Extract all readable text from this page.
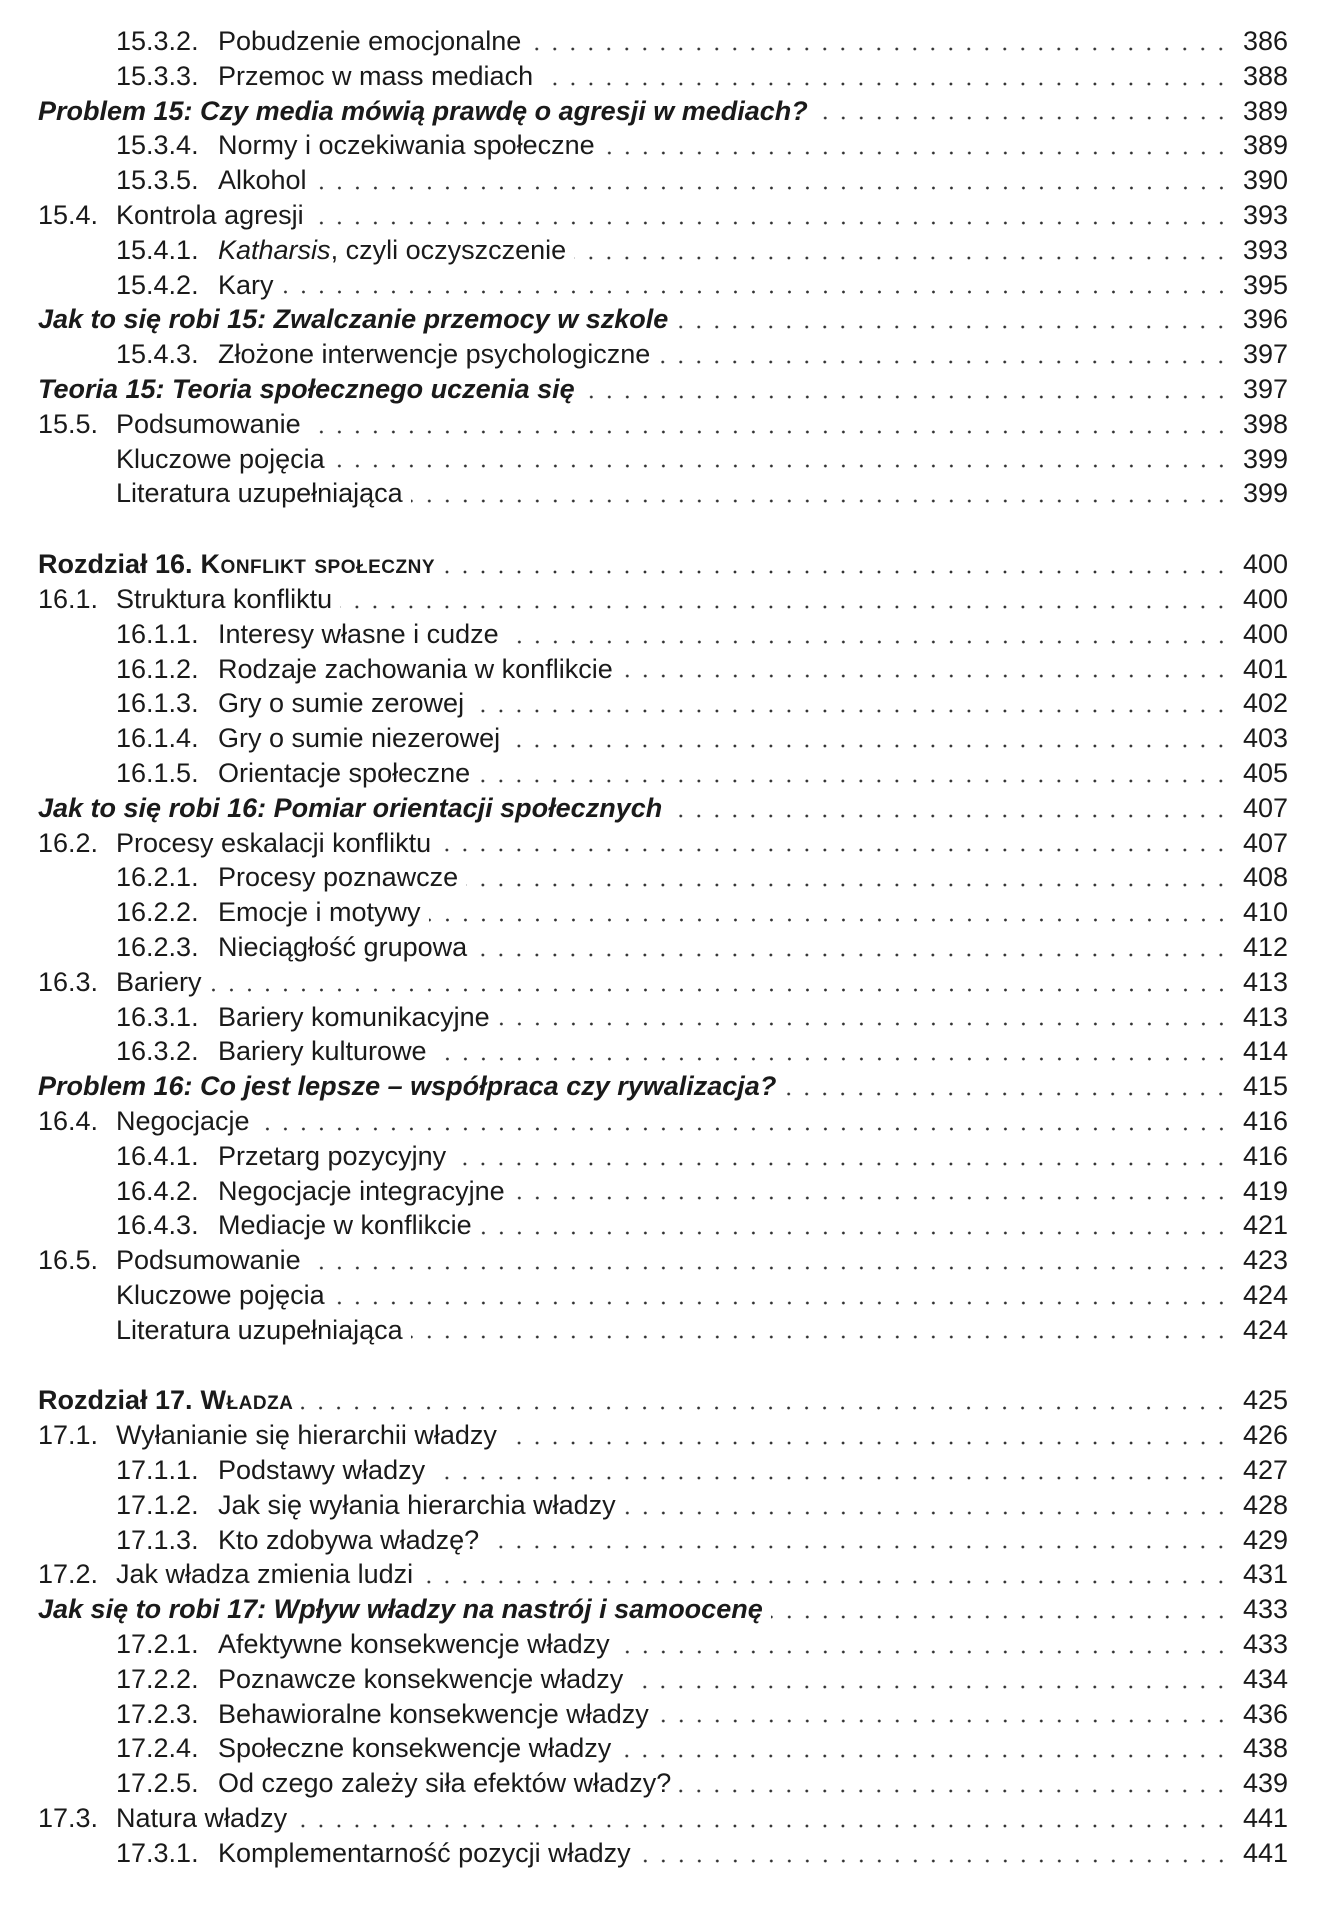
15.3.2. Pobudzenie emocjonalne	386
15.3.3. Przemoc w mass mediach	388
Problem 15: Czy media mówią prawdę o agresji w mediach?	389
15.3.4. Normy i oczekiwania społeczne	389
15.3.5. Alkohol	390
15.4. Kontrola agresji	393
15.4.1. Katharsis, czyli oczyszczenie	393
15.4.2. Kary	395
Jak to się robi 15: Zwalczanie przemocy w szkole	396
15.4.3. Złożone interwencje psychologiczne	397
Teoria 15: Teoria społecznego uczenia się	397
15.5. Podsumowanie	398
Kluczowe pojęcia	399
Literatura uzupełniająca	399
Rozdział 16. Konflikt społeczny	400
16.1. Struktura konfliktu	400
16.1.1. Interesy własne i cudze	400
16.1.2. Rodzaje zachowania w konflikcie	401
16.1.3. Gry o sumie zerowej	402
16.1.4. Gry o sumie niezerowej	403
16.1.5. Orientacje społeczne	405
Jak to się robi 16: Pomiar orientacji społecznych	407
16.2. Procesy eskalacji konfliktu	407
16.2.1. Procesy poznawcze	408
16.2.2. Emocje i motywy	410
16.2.3. Nieciągłość grupowa	412
16.3. Bariery	413
16.3.1. Bariery komunikacyjne	413
16.3.2. Bariery kulturowe	414
Problem 16: Co jest lepsze – współpraca czy rywalizacja?	415
16.4. Negocjacje	416
16.4.1. Przetarg pozycyjny	416
16.4.2. Negocjacje integracyjne	419
16.4.3. Mediacje w konflikcie	421
16.5. Podsumowanie	423
Kluczowe pojęcia	424
Literatura uzupełniająca	424
Rozdział 17. Władza	425
17.1. Wyłanianie się hierarchii władzy	426
17.1.1. Podstawy władzy	427
17.1.2. Jak się wyłania hierarchia władzy	428
17.1.3. Kto zdobywa władzę?	429
17.2. Jak władza zmienia ludzi	431
Jak się to robi 17: Wpływ władzy na nastrój i samoocenę	433
17.2.1. Afektywne konsekwencje władzy	433
17.2.2. Poznawcze konsekwencje władzy	434
17.2.3. Behawioralne konsekwencje władzy	436
17.2.4. Społeczne konsekwencje władzy	438
17.2.5. Od czego zależy siła efektów władzy?	439
17.3. Natura władzy	441
17.3.1. Komplementarność pozycji władzy	441
